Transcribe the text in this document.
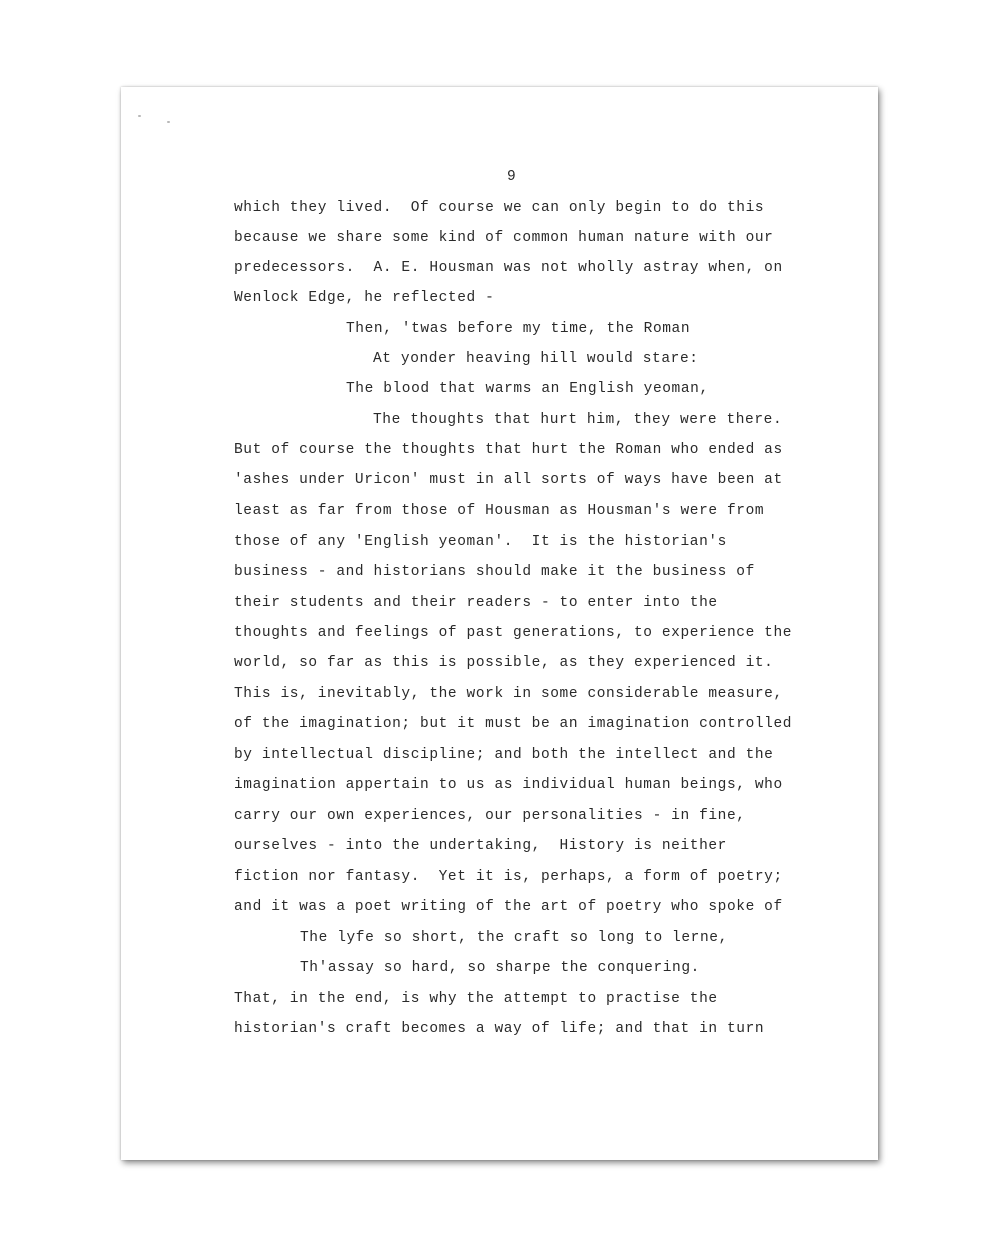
9
which they lived.  Of course we can only begin to do this
because we share some kind of common human nature with our
predecessors.  A. E. Housman was not wholly astray when, on
Wenlock Edge, he reflected -
Then, 'twas before my time, the Roman
At yonder heaving hill would stare:
The blood that warms an English yeoman,
The thoughts that hurt him, they were there.
But of course the thoughts that hurt the Roman who ended as
'ashes under Uricon' must in all sorts of ways have been at
least as far from those of Housman as Housman's were from
those of any 'English yeoman'.  It is the historian's
business - and historians should make it the business of
their students and their readers - to enter into the
thoughts and feelings of past generations, to experience the
world, so far as this is possible, as they experienced it.
This is, inevitably, the work in some considerable measure,
of the imagination; but it must be an imagination controlled
by intellectual discipline; and both the intellect and the
imagination appertain to us as individual human beings, who
carry our own experiences, our personalities - in fine,
ourselves - into the undertaking,  History is neither
fiction nor fantasy.  Yet it is, perhaps, a form of poetry;
and it was a poet writing of the art of poetry who spoke of
The lyfe so short, the craft so long to lerne,
Th'assay so hard, so sharpe the conquering.
That, in the end, is why the attempt to practise the
historian's craft becomes a way of life; and that in turn
